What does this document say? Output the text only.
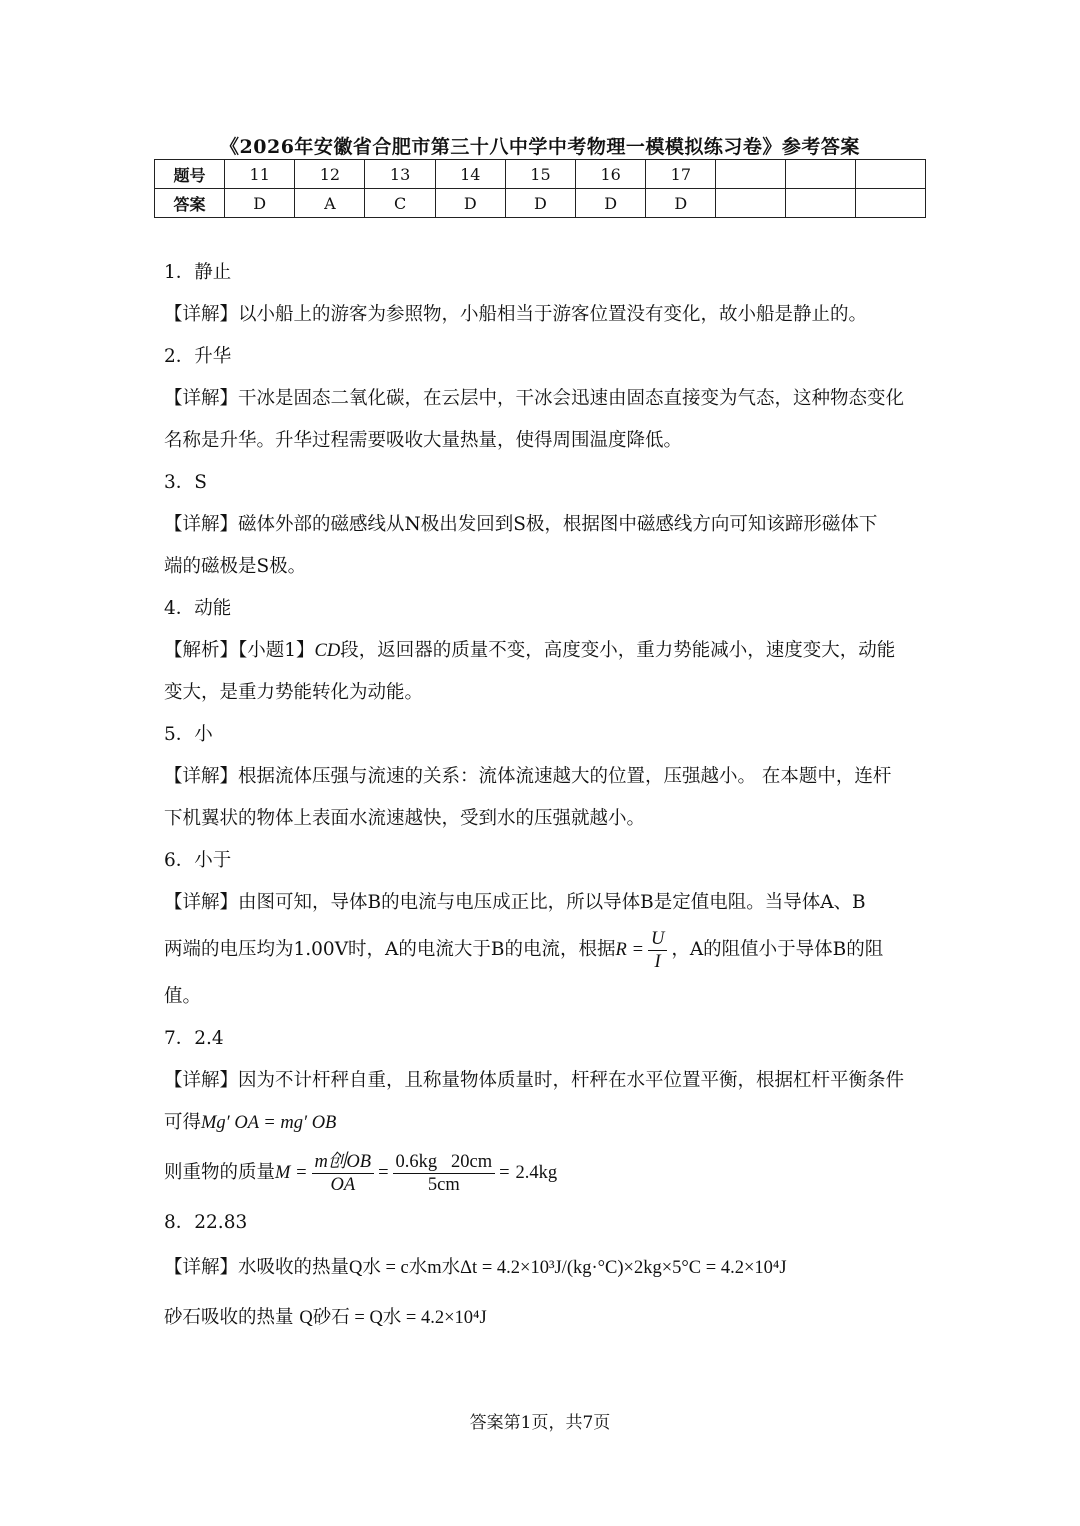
《2026年安徽省合肥市第三十八中学中考物理一模模拟练习卷》参考答案
题号	11	12	13	14	15	16	17			
答案	D	A	C	D	D	D	D			

1．静止

【详解】以小船上的游客为参照物，小船相当于游客位置没有变化，故小船是静止的。

2．升华

【详解】干冰是固态二氧化碳，在云层中，干冰会迅速由固态直接变为气态，这种物态变化

名称是升华。升华过程需要吸收大量热量，使得周围温度降低。

3．S

【详解】磁体外部的磁感线从N极出发回到S极，根据图中磁感线方向可知该蹄形磁体下

端的磁极是S极。

4．动能

【解析】【小题1】CD段，返回器的质量不变，高度变小，重力势能减小，速度变大，动能

变大，是重力势能转化为动能。

5．小

【详解】根据流体压强与流速的关系：流体流速越大的位置，压强越小。 在本题中，连杆

下机翼状的物体上表面水流速越快，受到水的压强就越小。

6．小于

【详解】由图可知，导体B的电流与电压成正比，所以导体B是定值电阻。当导体A、B

两端的电压均为1.00V时，A的电流大于B的电流，根据$R = \frac{U}{I}$ ，A的阻值小于导体B的阻

值。

7．2.4

【详解】因为不计杆秤自重，且称量物体质量时，杆秤在水平位置平衡，根据杠杆平衡条件

可得Mg′ OA = mg′ OB

则重物的质量$M = \frac{\text{m创OB}}{OA} = \frac{0.6kg 20cm}{5cm} = 2.4kg$

8．22.83

【详解】水吸收的热量Q水 = c水m水Δt = 4.2×10³J/(kg·°C)×2kg×5°C = 4.2×10⁴J

砂石吸收的热量 Q砂石 = Q水 = 4.2×10⁴J

答案第1页，共7页
